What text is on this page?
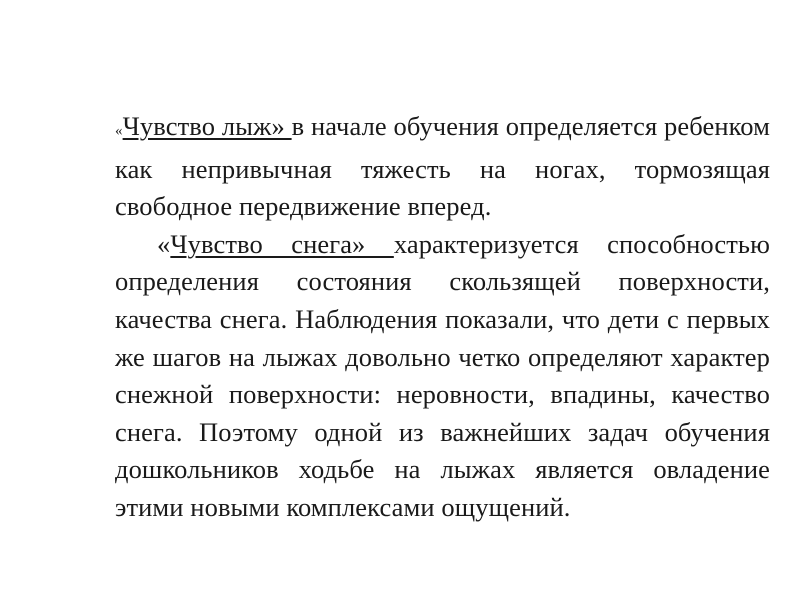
«Чувство лыж» в начале обучения определяется ребенком как непривычная тяжесть на ногах, тормозящая свободное передвижение вперед.

«Чувство снега» характеризуется способностью определения состояния скользящей поверхности, качества снега. Наблюдения показали, что дети с первых же шагов на лыжах довольно четко определяют характер снежной поверхности: неровности, впадины, качество снега. Поэтому одной из важнейших задач обучения дошкольников ходьбе на лыжах является овладение этими новыми комплексами ощущений.
